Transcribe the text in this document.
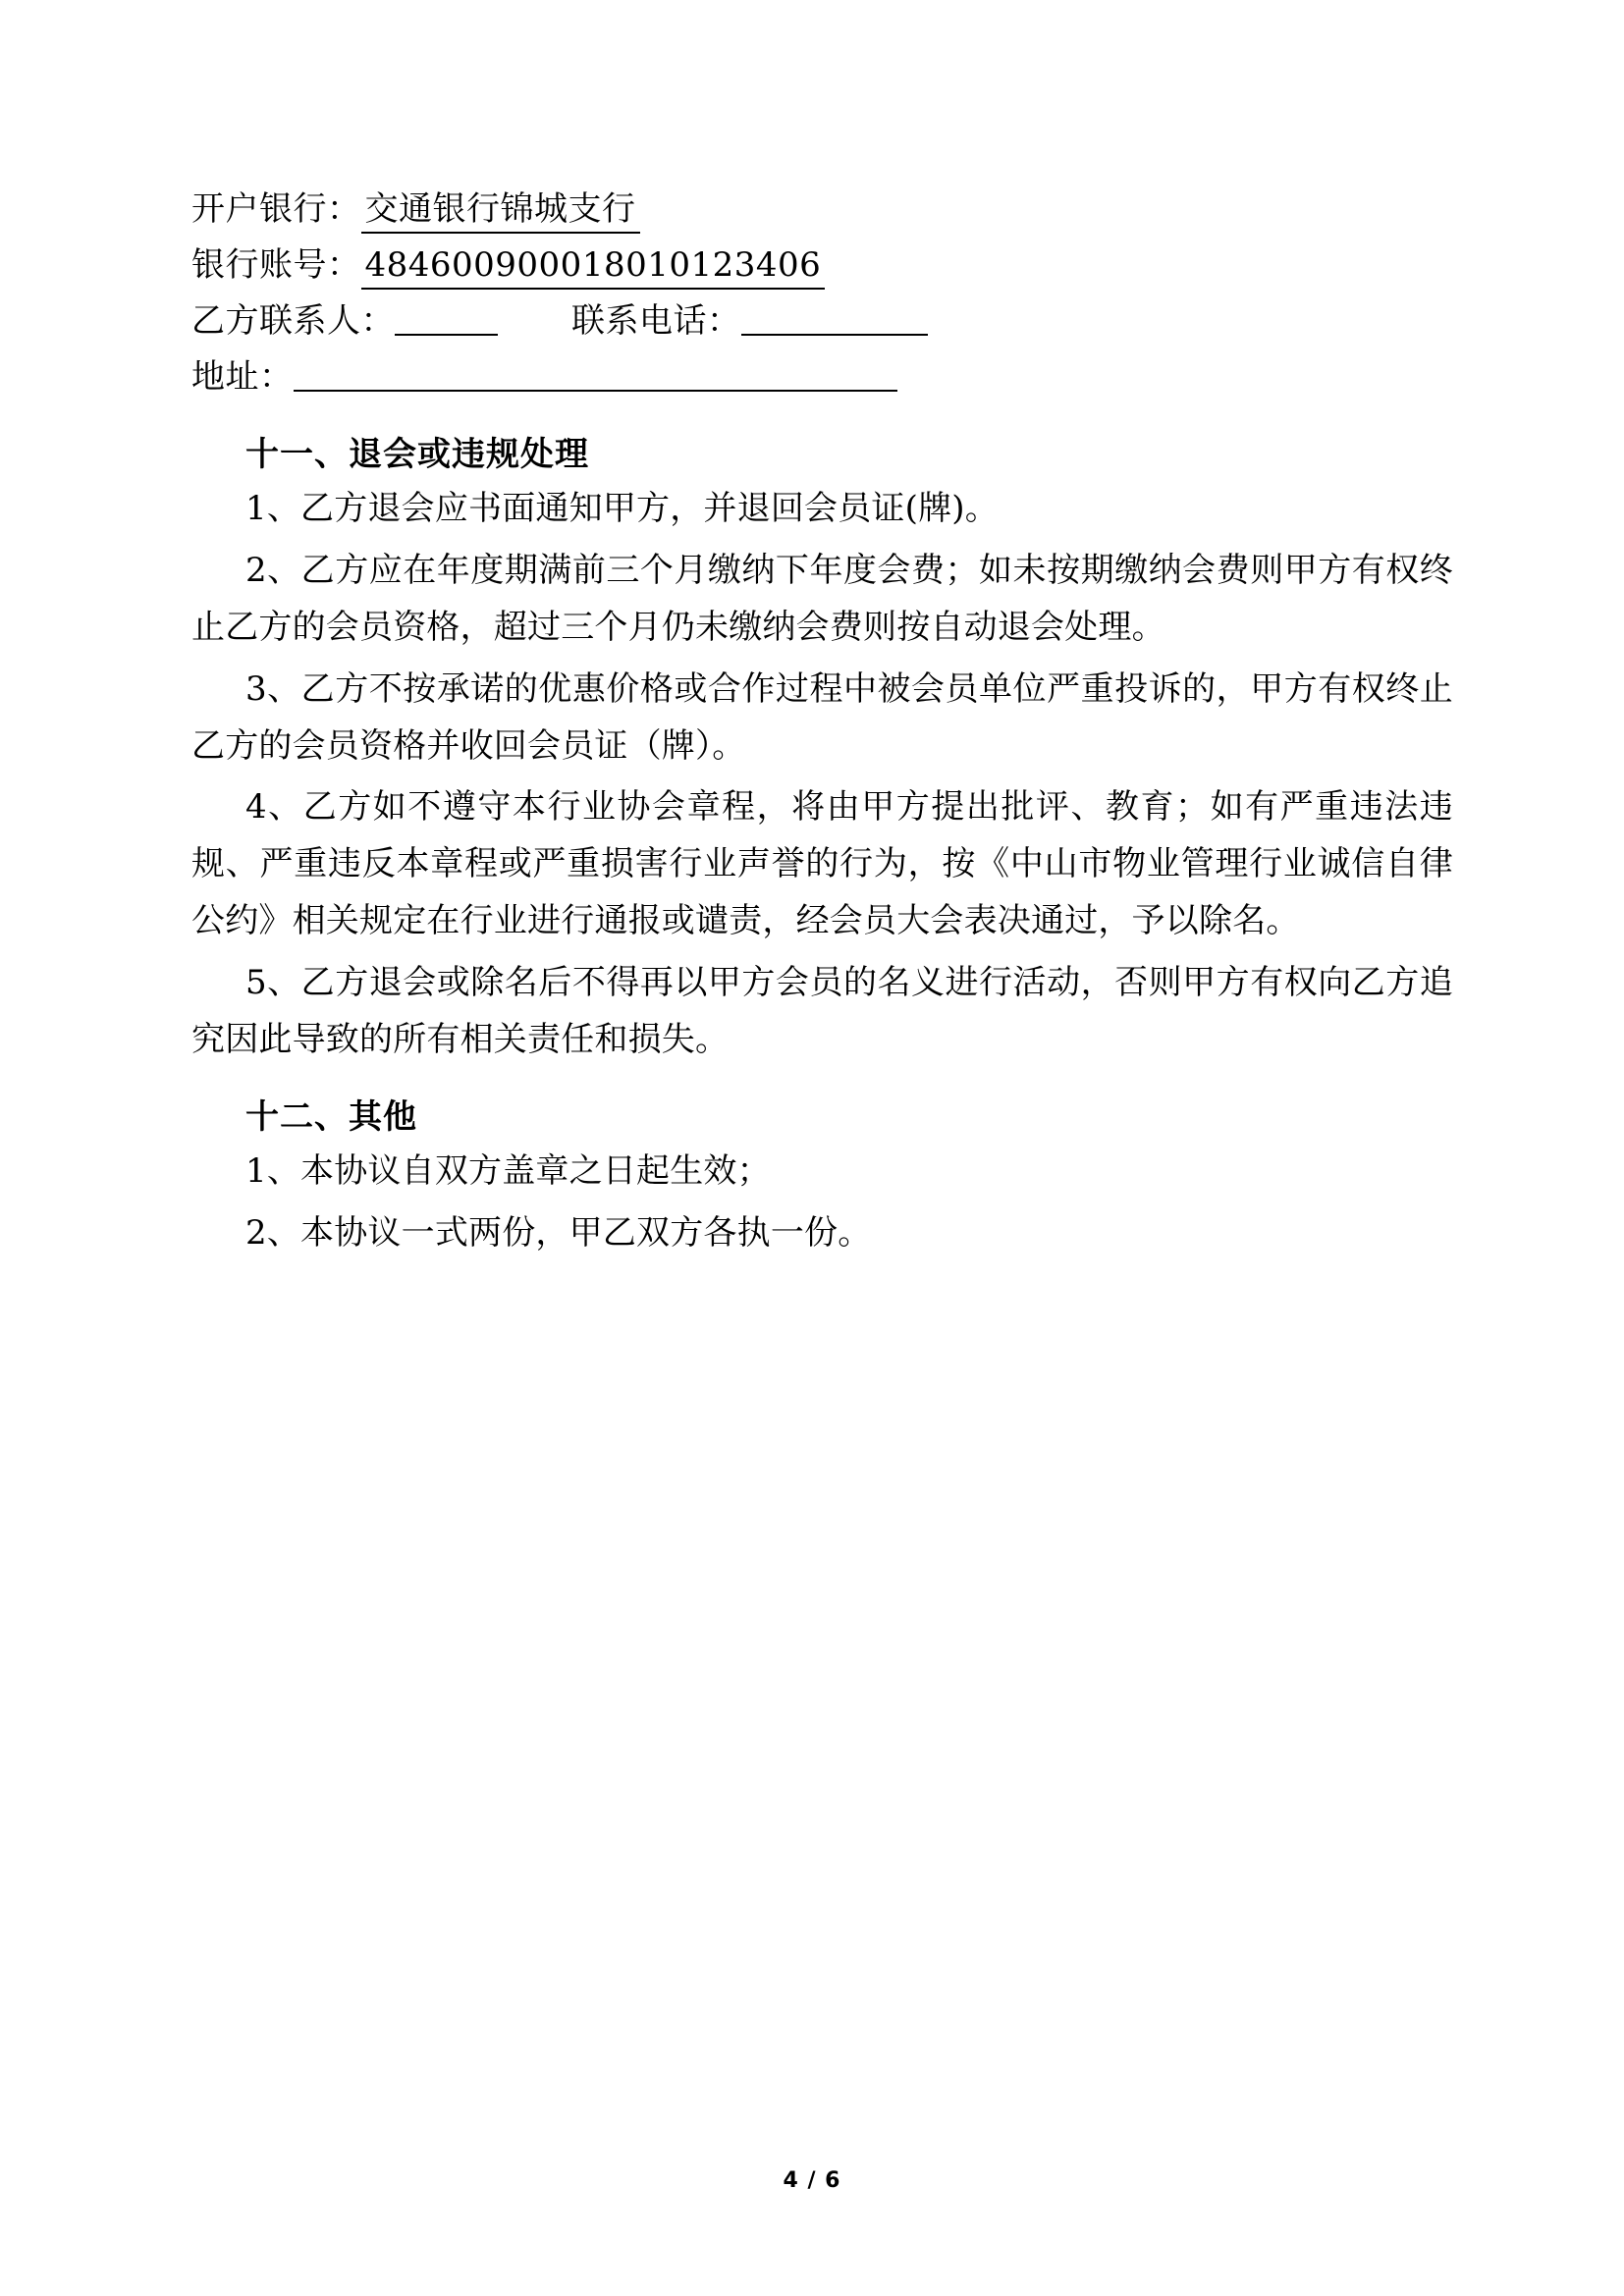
开户银行： 交通银行锦城支行
银行账号： 484600900018010123406
乙方联系人：	联系电话：
地址：
十一、退会或违规处理

1、乙方退会应书面通知甲方，并退回会员证(牌)。

2、乙方应在年度期满前三个月缴纳下年度会费；如未按期缴纳会费则甲方有权终止乙方的会员资格，超过三个月仍未缴纳会费则按自动退会处理。

3、乙方不按承诺的优惠价格或合作过程中被会员单位严重投诉的，甲方有权终止乙方的会员资格并收回会员证（牌）。

4、乙方如不遵守本行业协会章程，将由甲方提出批评、教育；如有严重违法违规、严重违反本章程或严重损害行业声誉的行为，按《中山市物业管理行业诚信自律公约》相关规定在行业进行通报或谴责，经会员大会表决通过，予以除名。

5、乙方退会或除名后不得再以甲方会员的名义进行活动，否则甲方有权向乙方追究因此导致的所有相关责任和损失。

十二、其他

1、本协议自双方盖章之日起生效；

2、本协议一式两份，甲乙双方各执一份。

4 / 6
